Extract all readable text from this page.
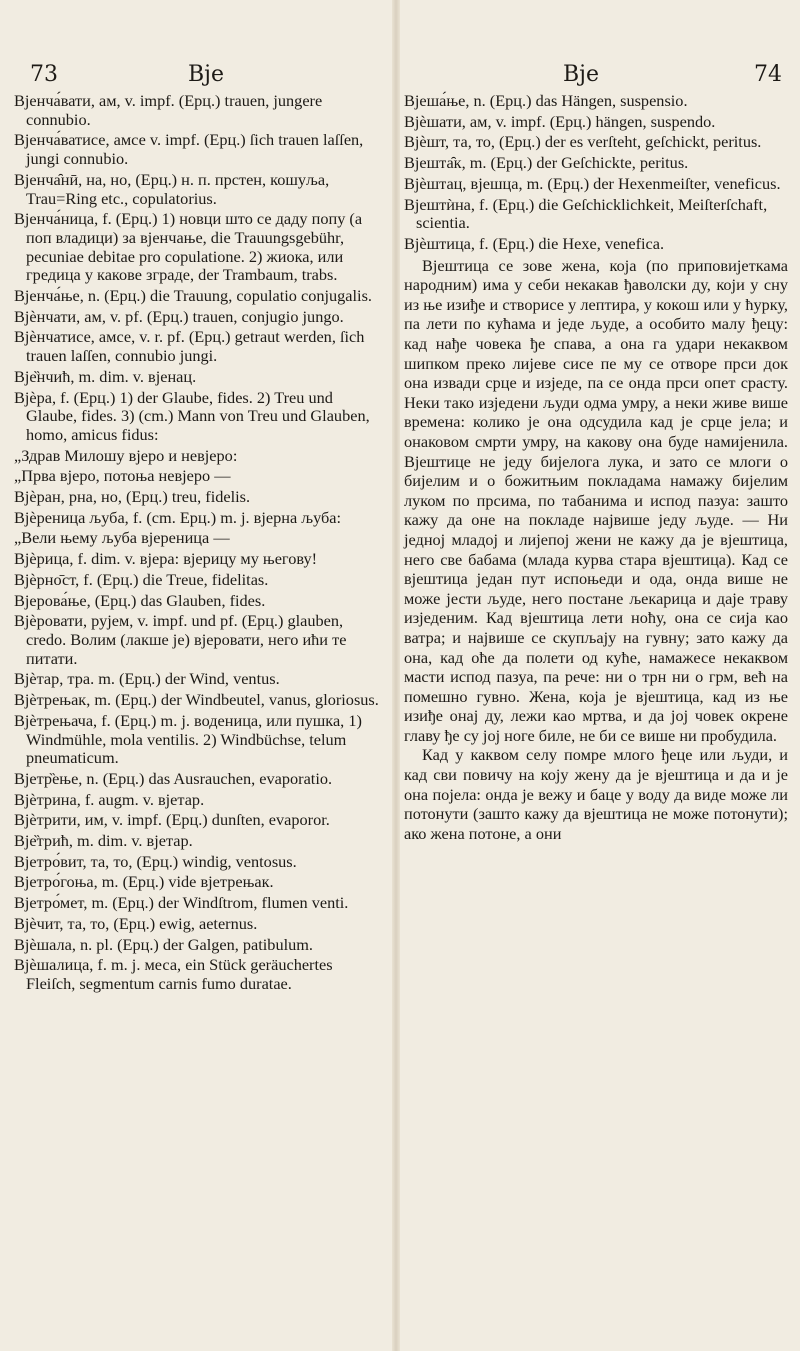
73	Вје	Вје	74

Вјенча́вати, ам, v. impf. (Ерц.) trauen, jungere connubio.

Вјенча́ватисе, амсе v. impf. (Ерц.) ſich trauen laſſen, jungi connubio.

Вјенча̑нӣ, на, но, (Ерц.) н. п. прстен, кошуља, Trau=Ring etc., copulatorius.

Вјенча́ница, f. (Ерц.) 1) новци што се даду попу (а поп владици) за вјенчање, die Trauungsgebühr, pecuniae debitae pro copulatione. 2) жиока, или гредица у какове зграде, der Trambaum, trabs.

Вјенча́ње, n. (Ерц.) die Trauung, copulatio conjugalis.

Вјѐнчати, ам, v. pf. (Ерц.) trauen, conjugio jungo.

Вјѐнчатисе, амсе, v. r. pf. (Ерц.) getraut werden, ſich trauen laſſen, connubio jungi.

Вје̏нчић, m. dim. v. вјенац.

Вјѐра, f. (Ерц.) 1) der Glaube, fides. 2) Treu und Glaube, fides. 3) (cm.) Mann von Treu und Glauben, homo, amicus fidus:

„Здрав Милошу вјеро и невјеро:

„Прва вјеро, потоња невјеро —

Вјѐран, рна, но, (Ерц.) treu, fidelis.

Вјѐреница љуба, f. (cm. Ерц.) m. j. вјерна љуба:

„Вели њему љуба вјереница —

Вјѐрица, f. dim. v. вјера: вјерицу му његову!

Вјѐрно̄ст, f. (Ерц.) die Treue, fidelitas.

Вјерова́ње, (Ерц.) das Glauben, fides.

Вјѐровати, рујем, v. impf. und pf. (Ерц.) glauben, credo. Волим (лакше је) вјеровати, него ићи те питати.

Вјѐтар, тра. m. (Ерц.) der Wind, ventus.

Вјѐтрењак, m. (Ерц.) der Windbeutel, vanus, gloriosus.

Вјѐтрењача, f. (Ерц.) m. j. воденица, или пушка, 1) Windmühle, mola ventilis. 2) Windbüchse, telum pneumaticum.

Вјетр̏ење, n. (Ерц.) das Ausrauchen, evaporatio.

Вјѐтрина, f. augm. v. вјетар.

Вјѐтрити, им, v. impf. (Ерц.) dunſten, evaporor.

Вје̏трић, m. dim. v. вјетар.

Вјетро́вит, та, то, (Ерц.) windig, ventosus.

Вјетро́гоња, m. (Ерц.) vide вјетрењак.

Вјетро́мет, m. (Ерц.) der Windſtrom, flumen venti.

Вјѐчит, та, то, (Ерц.) ewig, aeternus.

Вјѐшала, n. pl. (Ерц.) der Galgen, patibulum.

Вјѐшалица, f. m. j. меса, ein Stück geräuchertes Fleiſch, segmentum carnis fumo duratae.

Вјеша́ње, n. (Ерц.) das Hängen, suspensio.

Вјѐшати, ам, v. impf. (Ерц.) hängen, suspendo.

Вјѐшт, та, то, (Ерц.) der es verſteht, geſchickt, peritus.

Вјешта̑к, m. (Ерц.) der Geſchickte, peritus.

Вјѐштац, вјешца, m. (Ерц.) der Hexenmeiſter, veneficus.

Вјештѝна, f. (Ерц.) die Geſchicklichkeit, Meiſterſchaft, scientia.

Вјѐштица, f. (Ерц.) die Hexe, venefica.

Вјештица се зове жена, која (по приповијеткама народним) има у себи некакав ђаволски ду, који у сну из ње изиђе и створисе у лептира, у кокош или у ћурку, па лети по кућама и једе људе, а особито малу ђецу: кад нађе човека ђе спава, а она га удари некаквом шипком преко лијеве сисе пе му се отворе прси док она извади срце и изједе, па се онда прси опет срасту. Неки тако изједени људи одма умру, а неки живе више времена: колико је она одсудила кад је срце јела; и онаковом смрти умру, на какову она буде намијенила. Вјештице не једу бијелога лука, и зато се млоги о бијелим и о божитњим покладама намажу бијелим луком по прсима, по табанима и испод пазуа: зашто кажу да оне на покладе највише једу људе. — Ни једној младој и лијепој жени не кажу да је вјештица, него све бабама (млада курва стара вјештица). Кад се вјештица један пут испоњеди и ода, онда више не може јести људе, него постане љекарица и даје траву изједеним. Кад вјештица лети ноћу, она се сија као ватра; и највише се скупљају на гувну; зато кажу да она, кад оће да полети од куће, намажесе некаквом масти испод пазуа, па рече: ни о трн ни о грм, већ на помешно гувно. Жена, која је вјештица, кад из ње изиђе онај ду, лежи као мртва, и да јој човек окрене главу ђе су јој ноге биле, не би се више ни пробудила.

Кад у каквом селу помре млого ђеце или људи, и кад сви повичу на коју жену да је вјештица и да и је она појела: онда је вежу и баце у воду да виде може ли потонути (зашто кажу да вјештица не може потонути); ако жена потоне, а они
